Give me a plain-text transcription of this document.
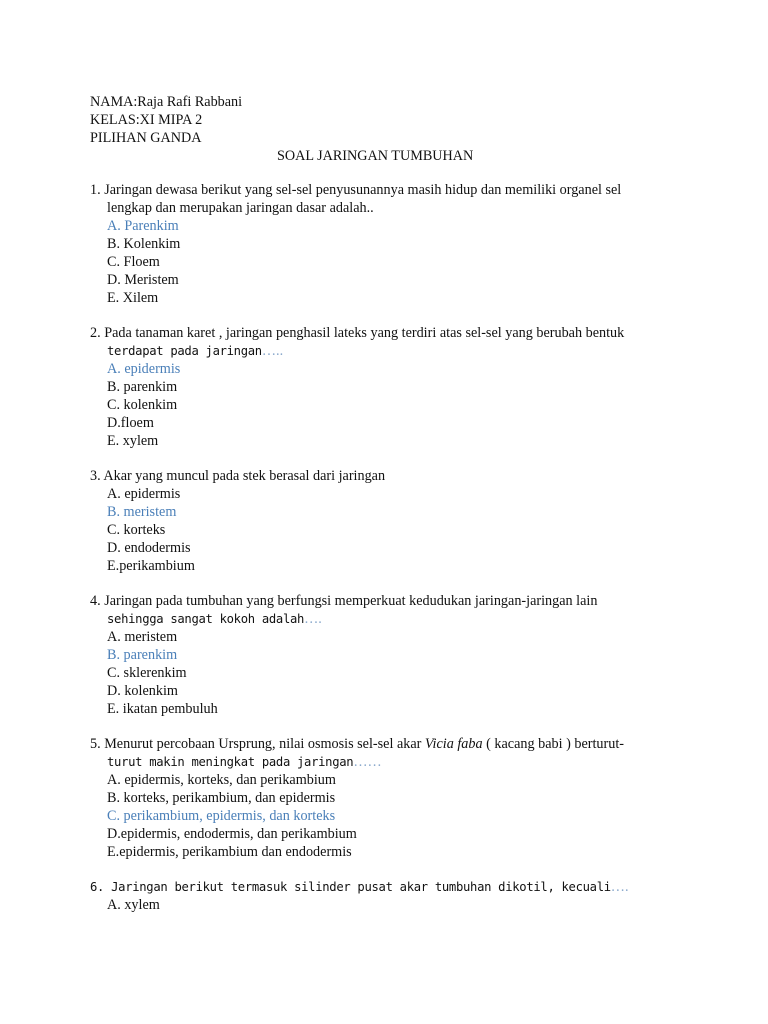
NAMA:Raja Rafi Rabbani
KELAS:XI MIPA 2
PILIHAN GANDA
SOAL JARINGAN TUMBUHAN
1. Jaringan dewasa berikut yang sel-sel penyusunannya masih hidup dan memiliki organel sel
lengkap dan merupakan jaringan dasar adalah..
A. Parenkim
B. Kolenkim
C. Floem
D. Meristem
E. Xilem
2. Pada tanaman karet , jaringan penghasil lateks yang terdiri atas sel-sel yang berubah bentuk
terdapat pada jaringan…..
A. epidermis
B. parenkim
C. kolenkim
D.floem
E. xylem
3. Akar yang muncul pada stek berasal dari jaringan
A. epidermis
B. meristem
C. korteks
D. endodermis
E.perikambium
4. Jaringan pada tumbuhan yang berfungsi memperkuat kedudukan jaringan-jaringan lain
sehingga sangat kokoh adalah….
A. meristem
B. parenkim
C. sklerenkim
D. kolenkim
E. ikatan pembuluh
5. Menurut percobaan Ursprung, nilai osmosis sel-sel akar Vicia faba ( kacang babi ) berturut-
turut makin meningkat pada jaringan……
A. epidermis, korteks, dan perikambium
B. korteks, perikambium, dan epidermis
C. perikambium, epidermis, dan korteks
D.epidermis, endodermis, dan perikambium
E.epidermis, perikambium dan endodermis
6. Jaringan berikut termasuk silinder pusat akar tumbuhan dikotil, kecuali….
A. xylem
